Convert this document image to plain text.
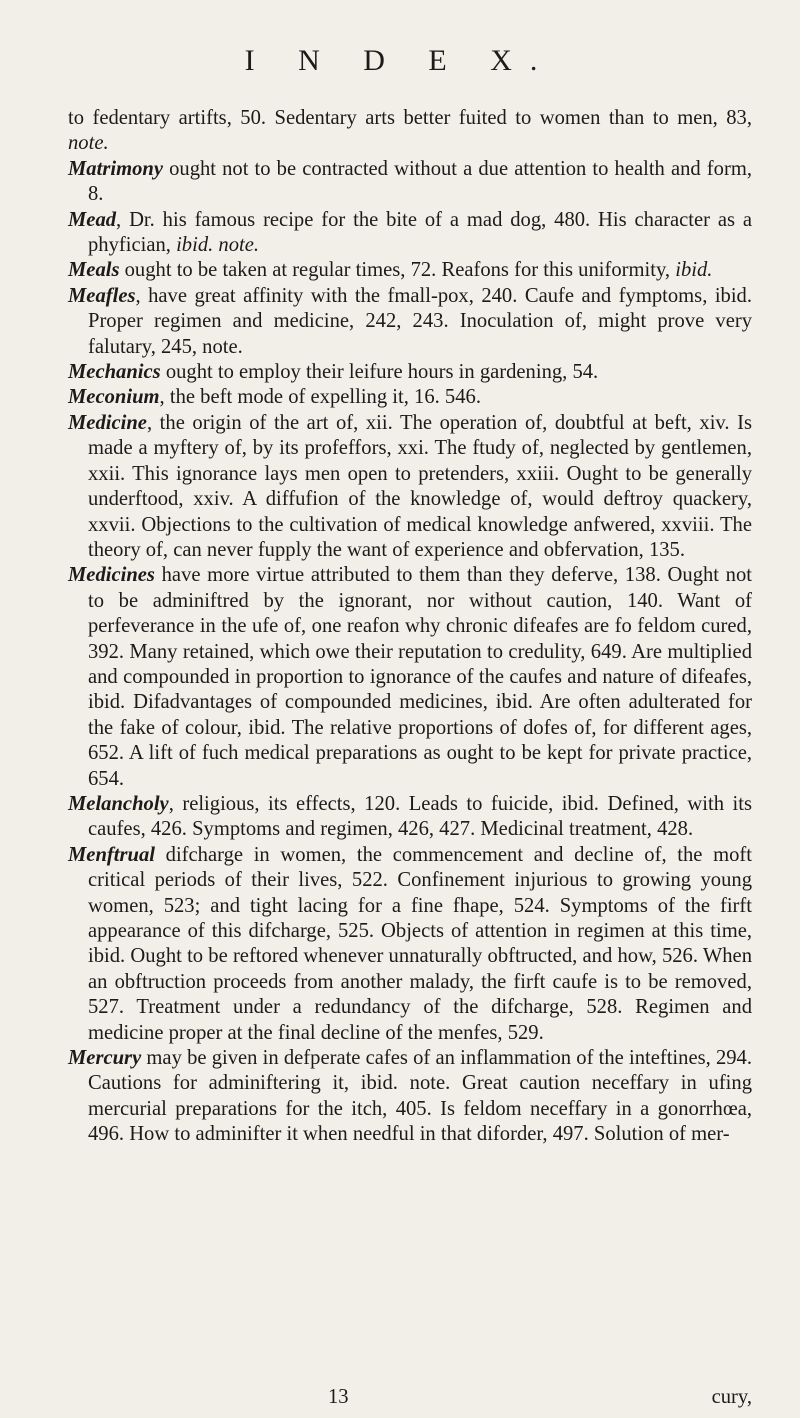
I N D E X.

to fedentary artifts, 50. Sedentary arts better fuited to women than to men, 83, note.

Matrimony ought not to be contracted without a due attention to health and form, 8.

Mead, Dr. his famous recipe for the bite of a mad dog, 480. His character as a phyfician, ibid. note.

Meals ought to be taken at regular times, 72. Reafons for this uniformity, ibid.

Meafles, have great affinity with the fmall-pox, 240. Caufe and fymptoms, ibid. Proper regimen and medicine, 242, 243. Inoculation of, might prove very falutary, 245, note.

Mechanics ought to employ their leifure hours in gardening, 54.

Meconium, the beft mode of expelling it, 16. 546.

Medicine, the origin of the art of, xii. The operation of, doubtful at beft, xiv. Is made a myftery of, by its profeffors, xxi. The ftudy of, neglected by gentlemen, xxii. This ignorance lays men open to pretenders, xxiii. Ought to be generally underftood, xxiv. A diffufion of the knowledge of, would deftroy quackery, xxvii. Objections to the cultivation of medical knowledge anfwered, xxviii. The theory of, can never fupply the want of experience and obfervation, 135.

Medicines have more virtue attributed to them than they deferve, 138. Ought not to be adminiftred by the ignorant, nor without caution, 140. Want of perfeverance in the ufe of, one reafon why chronic difeafes are fo feldom cured, 392. Many retained, which owe their reputation to credulity, 649. Are multiplied and compounded in proportion to ignorance of the caufes and nature of difeafes, ibid. Difadvantages of compounded medicines, ibid. Are often adulterated for the fake of colour, ibid. The relative proportions of dofes of, for different ages, 652. A lift of fuch medical preparations as ought to be kept for private practice, 654.

Melancholy, religious, its effects, 120. Leads to fuicide, ibid. Defined, with its caufes, 426. Symptoms and regimen, 426, 427. Medicinal treatment, 428.

Menftrual difcharge in women, the commencement and decline of, the moft critical periods of their lives, 522. Confinement injurious to growing young women, 523; and tight lacing for a fine fhape, 524. Symptoms of the firft appearance of this difcharge, 525. Objects of attention in regimen at this time, ibid. Ought to be reftored whenever unnaturally obftructed, and how, 526. When an obftruction proceeds from another malady, the firft caufe is to be removed, 527. Treatment under a redundancy of the difcharge, 528. Regimen and medicine proper at the final decline of the menfes, 529.

Mercury may be given in defperate cafes of an inflammation of the inteftines, 294. Cautions for adminiftering it, ibid. note. Great caution neceffary in ufing mercurial preparations for the itch, 405. Is feldom neceffary in a gonorrhœa, 496. How to adminifter it when needful in that diforder, 497. Solution of mer-

13	cury,
